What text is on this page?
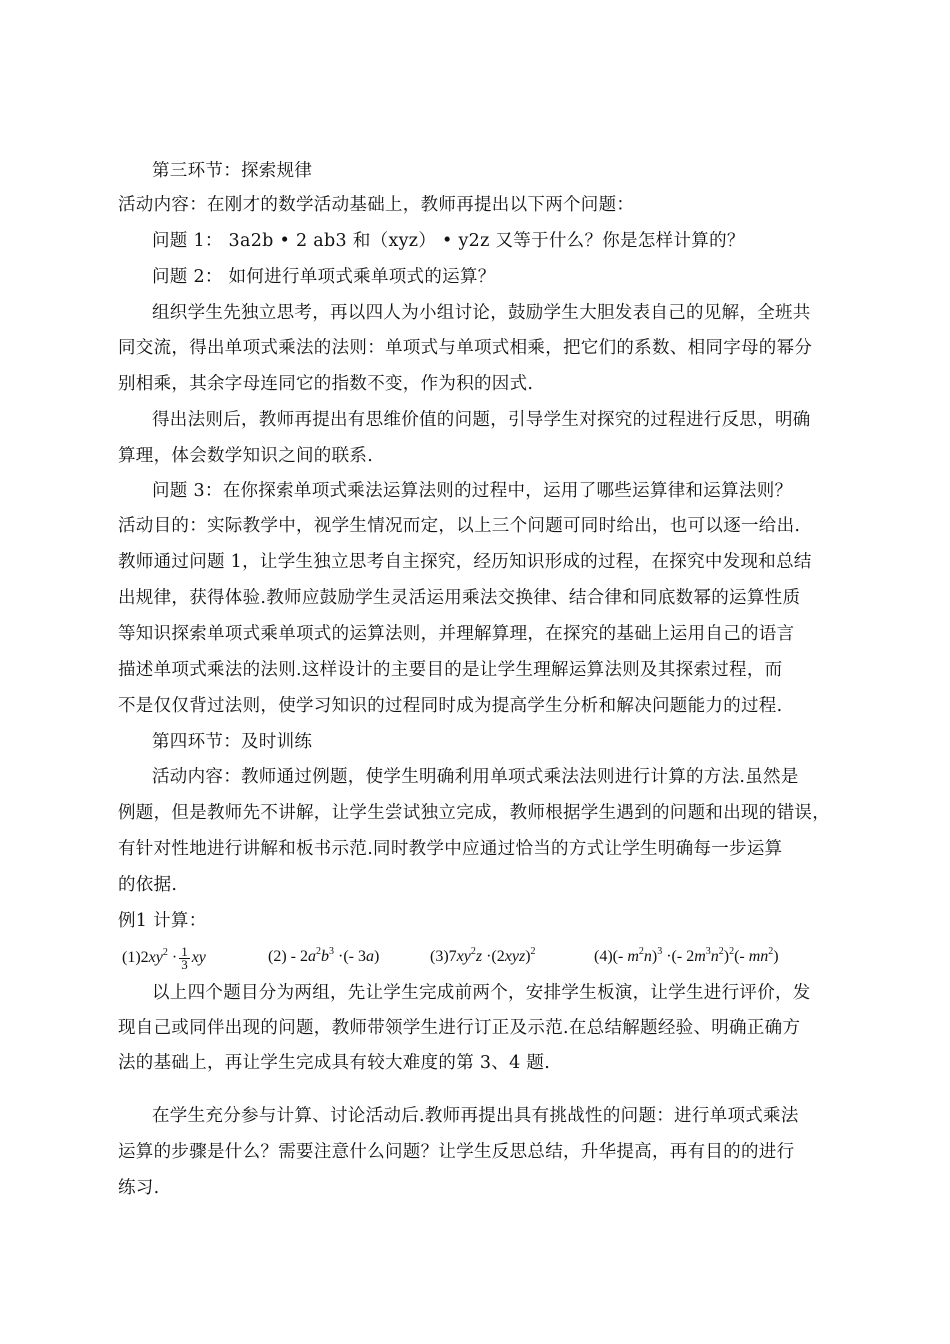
第三环节：探索规律
活动内容：在刚才的数学活动基础上，教师再提出以下两个问题：
问题 1： 3a2b • 2 ab3 和（xyz） • y2z 又等于什么？你是怎样计算的？
问题 2： 如何进行单项式乘单项式的运算？
组织学生先独立思考，再以四人为小组讨论，鼓励学生大胆发表自己的见解，全班共
同交流，得出单项式乘法的法则：单项式与单项式相乘，把它们的系数、相同字母的幂分
别相乘，其余字母连同它的指数不变，作为积的因式.
得出法则后，教师再提出有思维价值的问题，引导学生对探究的过程进行反思，明确
算理，体会数学知识之间的联系.
问题 3：在你探索单项式乘法运算法则的过程中，运用了哪些运算律和运算法则？
活动目的：实际教学中，视学生情况而定，以上三个问题可同时给出，也可以逐一给出.
教师通过问题 1，让学生独立思考自主探究，经历知识形成的过程，在探究中发现和总结
出规律，获得体验.教师应鼓励学生灵活运用乘法交换律、结合律和同底数幂的运算性质
等知识探索单项式乘单项式的运算法则，并理解算理，在探究的基础上运用自己的语言
描述单项式乘法的法则.这样设计的主要目的是让学生理解运算法则及其探索过程，而
不是仅仅背过法则，使学习知识的过程同时成为提高学生分析和解决问题能力的过程.
第四环节：及时训练
活动内容：教师通过例题，使学生明确利用单项式乘法法则进行计算的方法.虽然是
例题，但是教师先不讲解，让学生尝试独立完成，教师根据学生遇到的问题和出现的错误，
有针对性地进行讲解和板书示范.同时教学中应通过恰当的方式让学生明确每一步运算
的依据.
例1 计算：
$(1)2xy^2 \cdot \frac{1}{3}$ xy	$(2) - 2a^2b^3$ ·(- 3a)	$(3)7xy^2z \cdot(2xyz)^2$	(4)(- $m^2n)^3$ ·(- $2m^3n^2)^2(-$ $mn^2$)
以上四个题目分为两组，先让学生完成前两个，安排学生板演，让学生进行评价，发
现自己或同伴出现的问题，教师带领学生进行订正及示范.在总结解题经验、明确正确方
法的基础上，再让学生完成具有较大难度的第 3、4 题.
在学生充分参与计算、讨论活动后.教师再提出具有挑战性的问题：进行单项式乘法
运算的步骤是什么？需要注意什么问题？让学生反思总结，升华提高，再有目的的进行
练习.
